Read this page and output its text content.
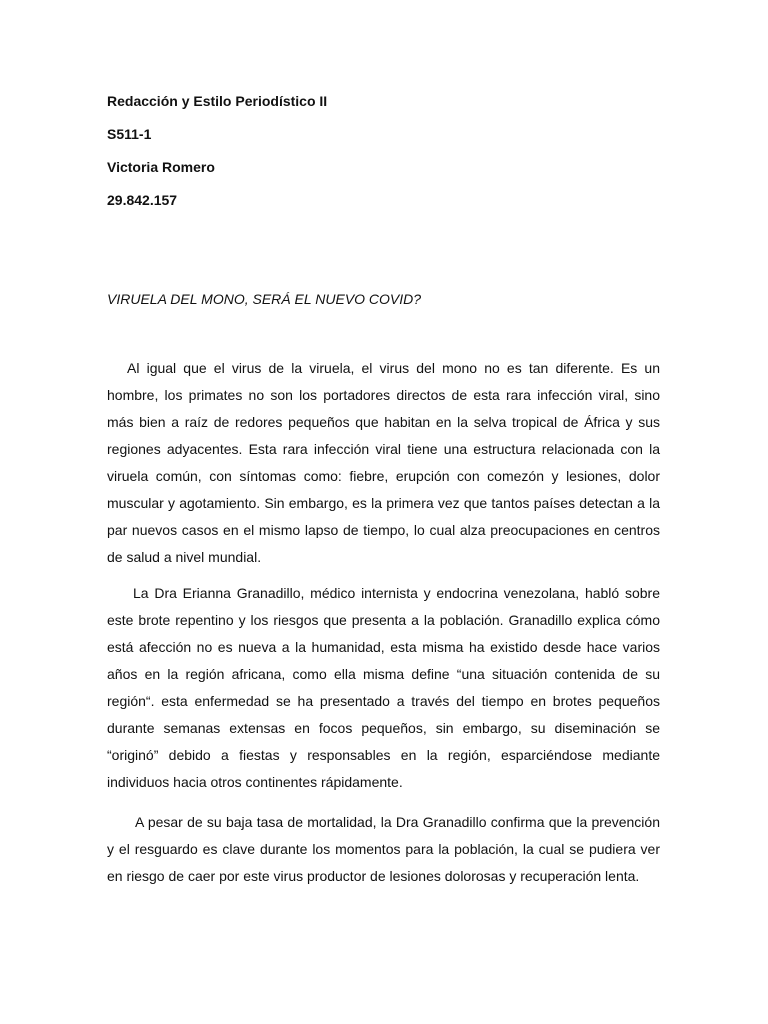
Redacción y Estilo Periodístico II
S511-1
Victoria Romero
29.842.157
VIRUELA DEL MONO, SERÁ EL NUEVO COVID?

Al igual que el virus de la viruela, el virus del mono no es tan diferente. Es un hombre, los primates no son los portadores directos de esta rara infección viral, sino más bien a raíz de redores pequeños que habitan en la selva tropical de África y sus regiones adyacentes. Esta rara infección viral tiene una estructura relacionada con la viruela común, con síntomas como: fiebre, erupción con comezón y lesiones, dolor muscular y agotamiento. Sin embargo, es la primera vez que tantos países detectan a la par nuevos casos en el mismo lapso de tiempo, lo cual alza preocupaciones en centros de salud a nivel mundial.

La Dra Erianna Granadillo, médico internista y endocrina venezolana, habló sobre este brote repentino y los riesgos que presenta a la población. Granadillo explica cómo está afección no es nueva a la humanidad, esta misma ha existido desde hace varios años en la región africana, como ella misma define “una situación contenida de su región“. esta enfermedad se ha presentado a través del tiempo en brotes pequeños durante semanas extensas en focos pequeños, sin embargo, su diseminación se “originó” debido a fiestas y responsables en la región, esparciéndose mediante individuos hacia otros continentes rápidamente.

A pesar de su baja tasa de mortalidad, la Dra Granadillo confirma que la prevención y el resguardo es clave durante los momentos para la población, la cual se pudiera ver en riesgo de caer por este virus productor de lesiones dolorosas y recuperación lenta.
